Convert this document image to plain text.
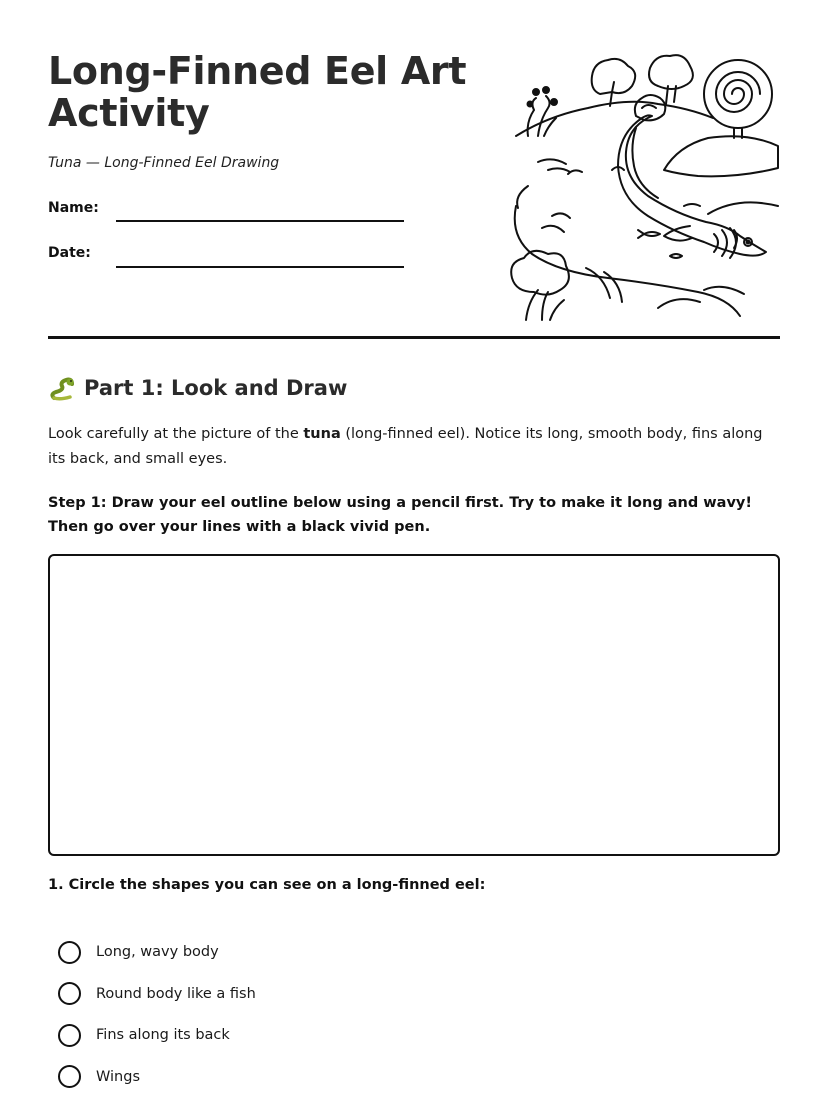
Long-Finned Eel Art Activity
Tuna — Long-Finned Eel Drawing
Name:
Date:
Part 1: Look and Draw

Look carefully at the picture of the tuna (long-finned eel). Notice its long, smooth body, fins along its back, and small eyes.

Step 1: Draw your eel outline below using a pencil first. Try to make it long and wavy! Then go over your lines with a black vivid pen.

1. Circle the shapes you can see on a long-finned eel:

Long, wavy body
Round body like a fish
Fins along its back
Wings
